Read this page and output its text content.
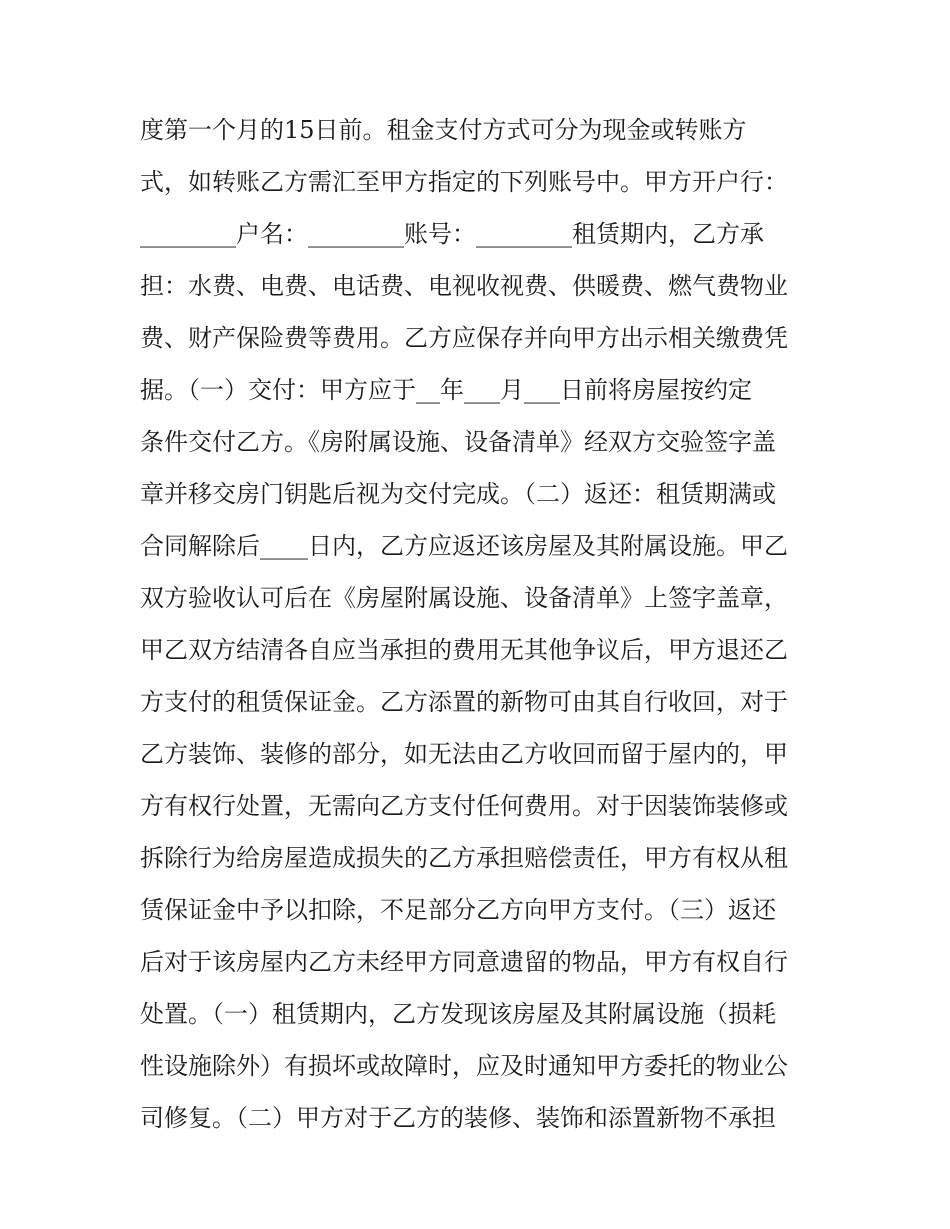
度第一个月的15日前。租金支付方式可分为现金或转账方
式，如转账乙方需汇至甲方指定的下列账号中。甲方开户行：
________户名：________账号：________租赁期内，乙方承
担：水费、电费、电话费、电视收视费、供暖费、燃气费物业
费、财产保险费等费用。乙方应保存并向甲方出示相关缴费凭
据。（一）交付：甲方应于__年___月___日前将房屋按约定
条件交付乙方。《房附属设施、设备清单》经双方交验签字盖
章并移交房门钥匙后视为交付完成。（二）返还：租赁期满或
合同解除后____日内，乙方应返还该房屋及其附属设施。甲乙
双方验收认可后在《房屋附属设施、设备清单》上签字盖章，
甲乙双方结清各自应当承担的费用无其他争议后，甲方退还乙
方支付的租赁保证金。乙方添置的新物可由其自行收回，对于
乙方装饰、装修的部分，如无法由乙方收回而留于屋内的，甲
方有权行处置，无需向乙方支付任何费用。对于因装饰装修或
拆除行为给房屋造成损失的乙方承担赔偿责任，甲方有权从租
赁保证金中予以扣除，不足部分乙方向甲方支付。（三）返还
后对于该房屋内乙方未经甲方同意遗留的物品，甲方有权自行
处置。（一）租赁期内，乙方发现该房屋及其附属设施（损耗
性设施除外）有损坏或故障时，应及时通知甲方委托的物业公
司修复。（二）甲方对于乙方的装修、装饰和添置新物不承担
